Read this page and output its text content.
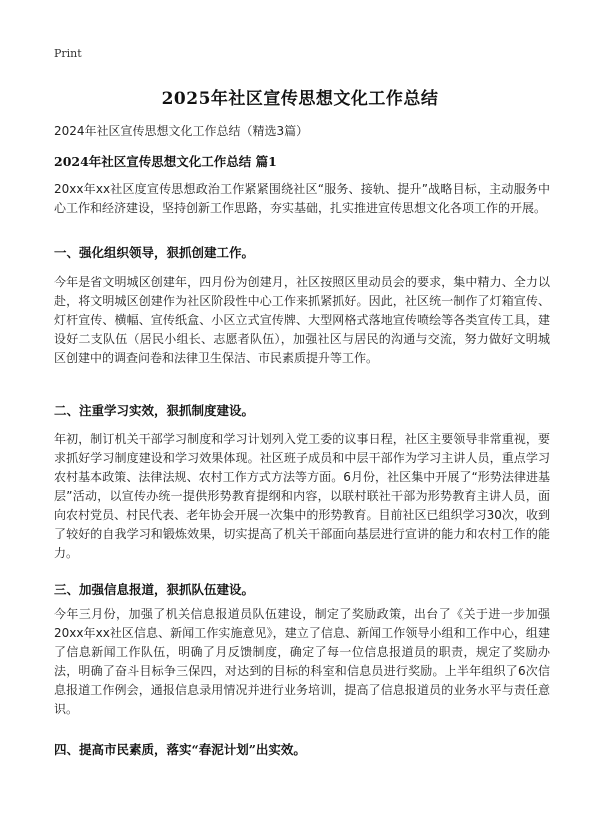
Print
2025年社区宣传思想文化工作总结
2024年社区宣传思想文化工作总结（精选3篇）
2024年社区宣传思想文化工作总结 篇1

20xx年xx社区度宣传思想政治工作紧紧围绕社区“服务、接轨、提升”战略目标，主动服务中心工作和经济建设，坚持创新工作思路，夯实基础，扎实推进宣传思想文化各项工作的开展。

一、强化组织领导，狠抓创建工作。

今年是省文明城区创建年，四月份为创建月，社区按照区里动员会的要求，集中精力、全力以赴，将文明城区创建作为社区阶段性中心工作来抓紧抓好。因此，社区统一制作了灯箱宣传、灯杆宣传、横幅、宣传纸盒、小区立式宣传牌、大型网格式落地宣传喷绘等各类宣传工具，建设好二支队伍（居民小组长、志愿者队伍），加强社区与居民的沟通与交流，努力做好文明城区创建中的调查问卷和法律卫生保洁、市民素质提升等工作。

二、注重学习实效，狠抓制度建设。

年初，制订机关干部学习制度和学习计划列入党工委的议事日程，社区主要领导非常重视，要求抓好学习制度建设和学习效果体现。社区班子成员和中层干部作为学习主讲人员，重点学习农村基本政策、法律法规、农村工作方式方法等方面。6月份，社区集中开展了“形势法律进基层”活动，以宣传办统一提供形势教育提纲和内容，以联村联社干部为形势教育主讲人员，面向农村党员、村民代表、老年协会开展一次集中的形势教育。目前社区已组织学习30次，收到了较好的自我学习和锻炼效果，切实提高了机关干部面向基层进行宣讲的能力和农村工作的能力。

三、加强信息报道，狠抓队伍建设。

今年三月份，加强了机关信息报道员队伍建设，制定了奖励政策，出台了《关于进一步加强20xx年xx社区信息、新闻工作实施意见》，建立了信息、新闻工作领导小组和工作中心，组建了信息新闻工作队伍，明确了月反馈制度，确定了每一位信息报道员的职责，规定了奖励办法，明确了奋斗目标争三保四，对达到的目标的科室和信息员进行奖励。上半年组织了6次信息报道工作例会，通报信息录用情况并进行业务培训，提高了信息报道员的业务水平与责任意识。

四、提高市民素质，落实“春泥计划”出实效。
